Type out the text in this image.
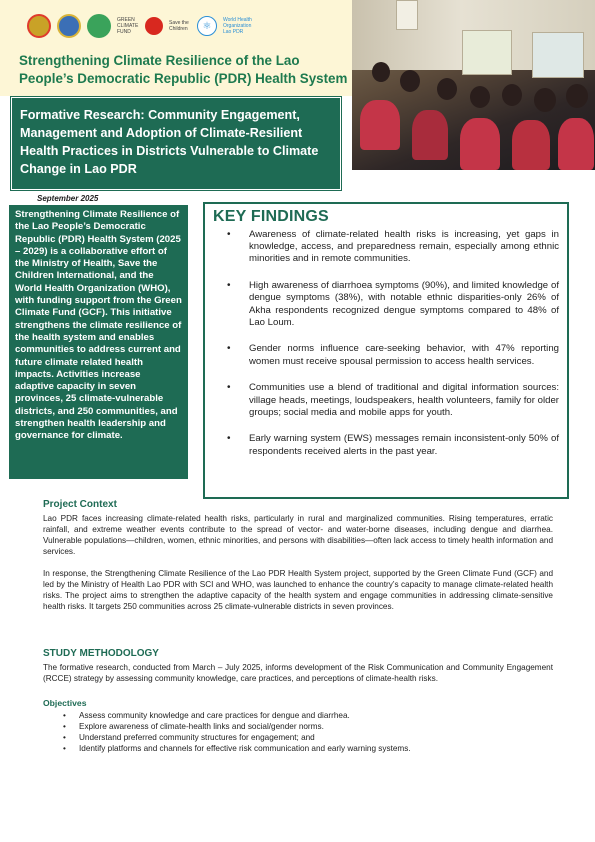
GREEN CLIMATE FUND
Save the Children	⚛
World Health Organization Lao PDR
Strengthening Climate Resilience of the Lao People’s Democratic Republic (PDR) Health System
Formative Research: Community Engagement, Management and Adoption of Climate-Resilient Health Practices in Districts Vulnerable to Climate Change in Lao PDR
September 2025

Strengthening Climate Resilience of the Lao People’s Democratic Republic (PDR) Health System (2025 – 2029) is a collaborative effort of the Ministry of Health, Save the Children International, and the World Health Organization (WHO), with funding support from the Green Climate Fund (GCF). This initiative strengthens the climate resilience of the health system and enables communities to address current and future climate related health impacts. Activities increase adaptive capacity in seven provinces, 25 climate-vulnerable districts, and 250 communities, and strengthen health leadership and governance for climate.

KEY FINDINGS
• Awareness of climate-related health risks is increasing, yet gaps in knowledge, access, and preparedness remain, especially among ethnic minorities and in remote communities.
• High awareness of diarrhoea symptoms (90%), and limited knowledge of dengue symptoms (38%), with notable ethnic disparities-only 26% of Akha respondents recognized dengue symptoms compared to 48% of Lao Loum.
• Gender norms influence care-seeking behavior, with 47% reporting women must receive spousal permission to access health services.
• Communities use a blend of traditional and digital information sources: village heads, meetings, loudspeakers, health volunteers, family for older groups; social media and mobile apps for youth.
• Early warning system (EWS) messages remain inconsistent-only 50% of respondents received alerts in the past year.
Project Context

Lao PDR faces increasing climate-related health risks, particularly in rural and marginalized communities. Rising temperatures, erratic rainfall, and extreme weather events contribute to the spread of vector- and water-borne diseases, including dengue and diarrhea. Vulnerable populations—children, women, ethnic minorities, and persons with disabilities—often lack access to timely health information and services.

In response, the Strengthening Climate Resilience of the Lao PDR Health System project, supported by the Green Climate Fund (GCF) and led by the Ministry of Health Lao PDR with SCI and WHO, was launched to enhance the country’s capacity to manage climate-related health risks. The project aims to strengthen the adaptive capacity of the health system and engage communities in addressing climate-sensitive health risks. It targets 250 communities across 25 climate-vulnerable districts in seven provinces.

STUDY METHODOLOGY

The formative research, conducted from March – July 2025, informs development of the Risk Communication and Community Engagement (RCCE) strategy by assessing community knowledge, care practices, and perceptions of climate-health risks.

Objectives
• Assess community knowledge and care practices for dengue and diarrhea.
• Explore awareness of climate-health links and social/gender norms.
• Understand preferred community structures for engagement; and
• Identify platforms and channels for effective risk communication and early warning systems.
